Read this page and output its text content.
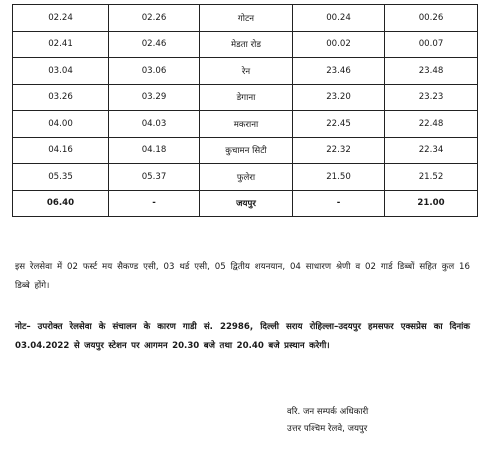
02.24	02.26	गोटन	00.24	00.26
02.41	02.46	मेडता रोड	00.02	00.07
03.04	03.06	रेन	23.46	23.48
03.26	03.29	डेगाना	23.20	23.23
04.00	04.03	मकराना	22.45	22.48
04.16	04.18	कुचामन सिटी	22.32	22.34
05.35	05.37	फुलेरा	21.50	21.52
06.40	-	जयपुर	-	21.00

इस रेलसेवा में 02 फर्स्ट मय सैकण्ड एसी, 03 थर्ड एसी, 05 द्वितीय शयनयान, 04 साधारण श्रेणी व 02 गार्ड डिब्बों सहित कुल 16 डिब्बे होंगे।

नोट– उपरोक्त रेलसेवा के संचालन के कारण गाडी सं. 22986, दिल्ली सराय रोहिल्ला–उदयपुर हमसफर एक्सप्रेस का दिनांक 03.04.2022 से जयपुर स्टेशन पर आगमन 20.30 बजे तथा 20.40 बजे प्रस्थान करेगी।

वरि. जन सम्पर्क अधिकारी
उत्तर पश्चिम रेलवे, जयपुर
